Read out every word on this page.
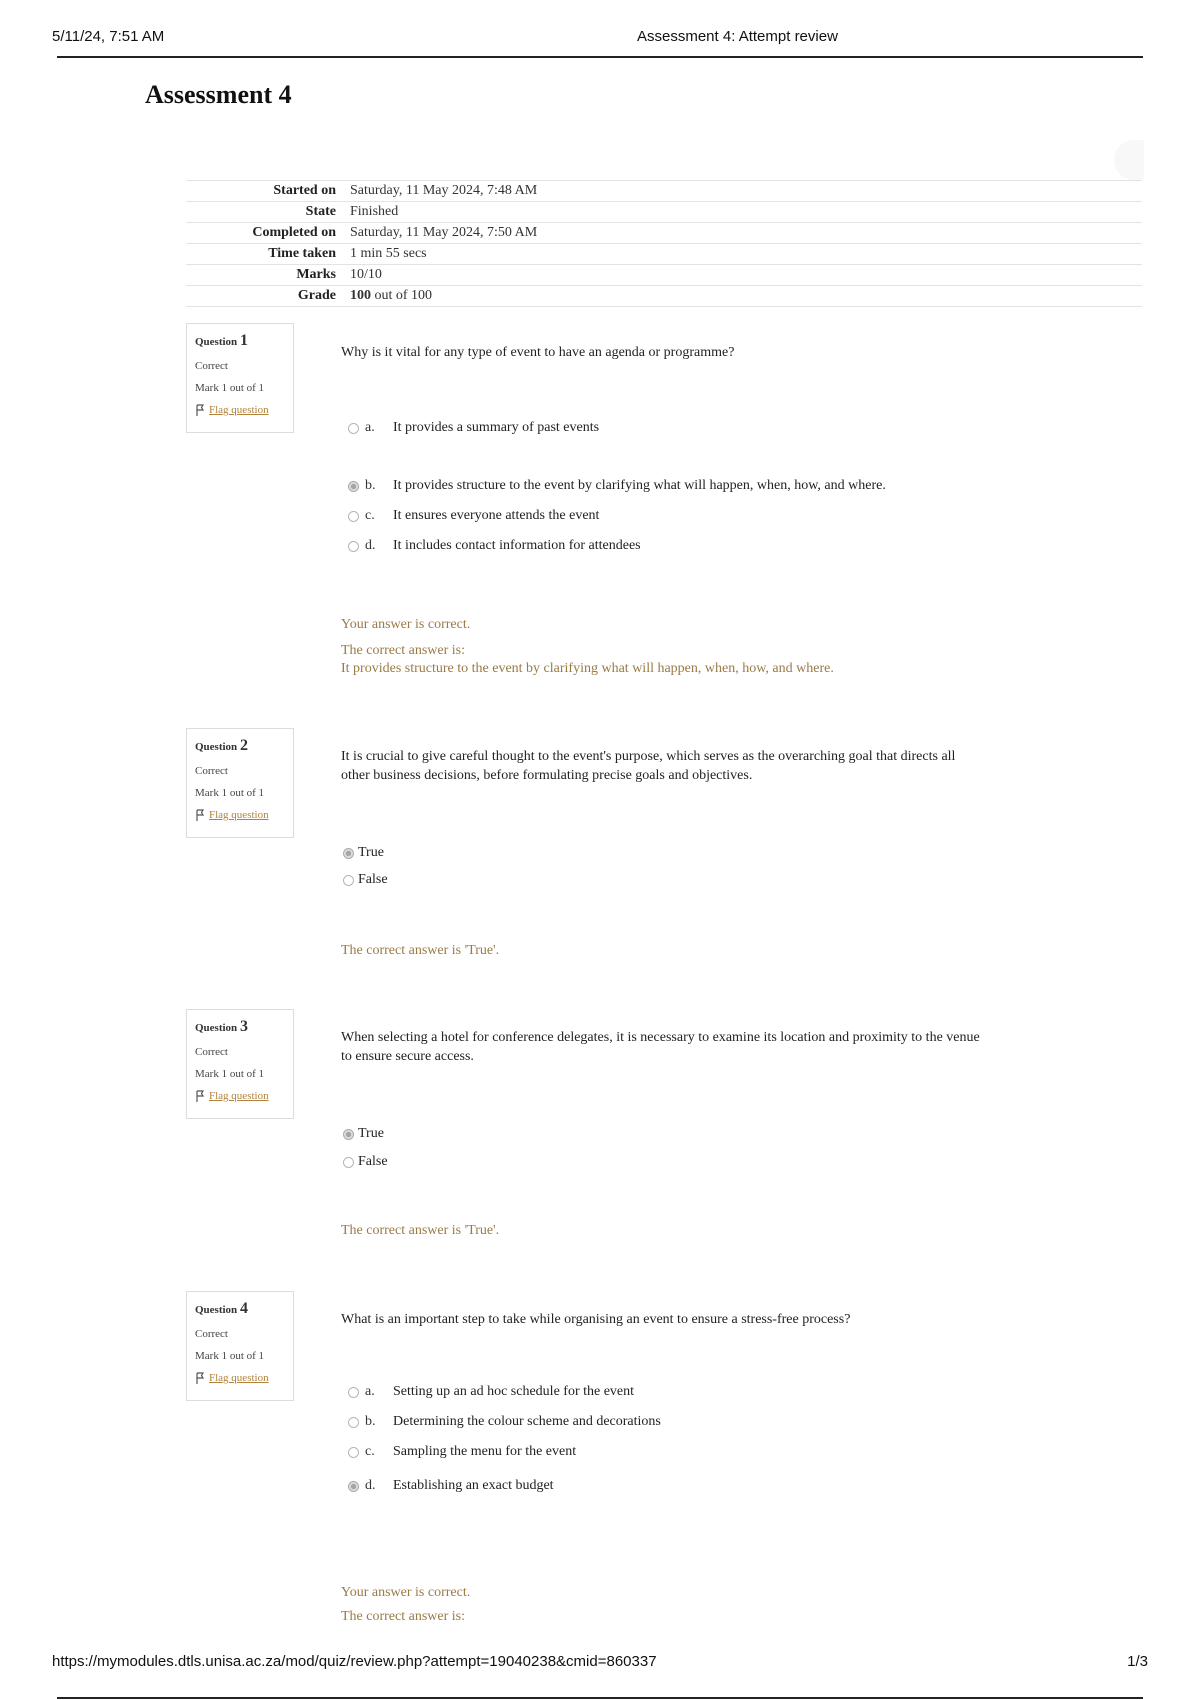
5/11/24, 7:51 AM	Assessment 4: Attempt review
Assessment 4
Started on	Saturday, 11 May 2024, 7:48 AM
State	Finished
Completed on	Saturday, 11 May 2024, 7:50 AM
Time taken	1 min 55 secs
Marks	10/10
Grade	100 out of 100
Question 1
Correct
Mark 1 out of 1
Flag question
Why is it vital for any type of event to have an agenda or programme?
a.	It provides a summary of past events
b.	It provides structure to the event by clarifying what will happen, when, how, and where.
c.	It ensures everyone attends the event
d.	It includes contact information for attendees
Your answer is correct.
The correct answer is:
It provides structure to the event by clarifying what will happen, when, how, and where.
Question 2
Correct
Mark 1 out of 1
Flag question
It is crucial to give careful thought to the event's purpose, which serves as the overarching goal that directs all other business decisions, before formulating precise goals and objectives.
True
False
The correct answer is 'True'.
Question 3
Correct
Mark 1 out of 1
Flag question
When selecting a hotel for conference delegates, it is necessary to examine its location and proximity to the venue to ensure secure access.
True
False
The correct answer is 'True'.
Question 4
Correct
Mark 1 out of 1
Flag question
What is an important step to take while organising an event to ensure a stress-free process?
a.	Setting up an ad hoc schedule for the event
b.	Determining the colour scheme and decorations
c.	Sampling the menu for the event
d.	Establishing an exact budget
Your answer is correct.
The correct answer is:
https://mymodules.dtls.unisa.ac.za/mod/quiz/review.php?attempt=19040238&cmid=860337	1/3
